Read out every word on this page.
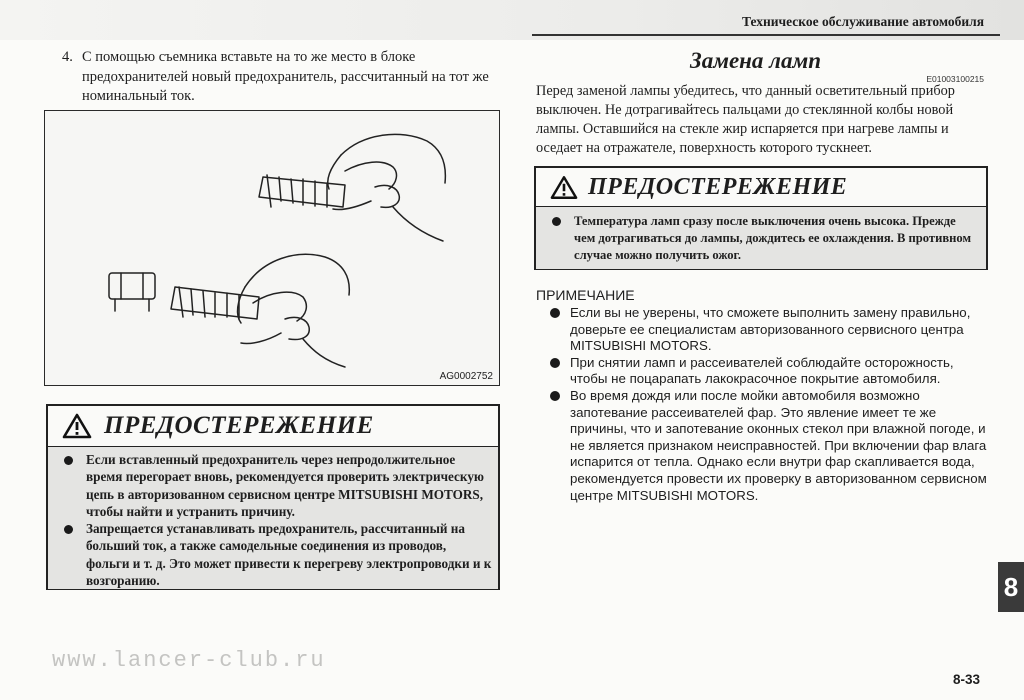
Техническое обслуживание автомобиля
4. С помощью съемника вставьте на то же место в блоке предохранителей новый предохранитель, рассчитанный на тот же номинальный ток.
AG0002752
ПРЕДОСТЕРЕЖЕНИЕ
Если вставленный предохранитель через непродолжительное время перегорает вновь, рекомендуется проверить электрическую цепь в авторизованном сервисном центре MITSUBISHI MOTORS, чтобы найти и устранить причину.
Запрещается устанавливать предохранитель, рассчитанный на больший ток, а также самодельные соединения из проводов, фольги и т. д. Это может привести к перегреву электропроводки и к возгоранию.
Замена ламп
E01003100215
Перед заменой лампы убедитесь, что данный осветительный прибор выключен. Не дотрагивайтесь пальцами до стеклянной колбы новой лампы. Оставшийся на стекле жир испаряется при нагреве лампы и оседает на отражателе, поверхность которого тускнеет.
ПРЕДОСТЕРЕЖЕНИЕ
Температура ламп сразу после выключения очень высока. Прежде чем дотрагиваться до лампы, дождитесь ее охлаждения. В противном случае можно получить ожог.
ПРИМЕЧАНИЕ
Если вы не уверены, что сможете выполнить замену правильно, доверьте ее специалистам авторизованного сервисного центра MITSUBISHI MOTORS.
При снятии ламп и рассеивателей соблюдайте осторожность, чтобы не поцарапать лакокрасочное покрытие автомобиля.
Во время дождя или после мойки автомобиля возможно запотевание рассеивателей фар. Это явление имеет те же причины, что и запотевание оконных стекол при влажной погоде, и не является признаком неисправностей. При включении фар влага испарится от тепла. Однако если внутри фар скапливается вода, рекомендуется провести их проверку в авторизованном сервисном центре MITSUBISHI MOTORS.
8
www.lancer-club.ru
8-33
